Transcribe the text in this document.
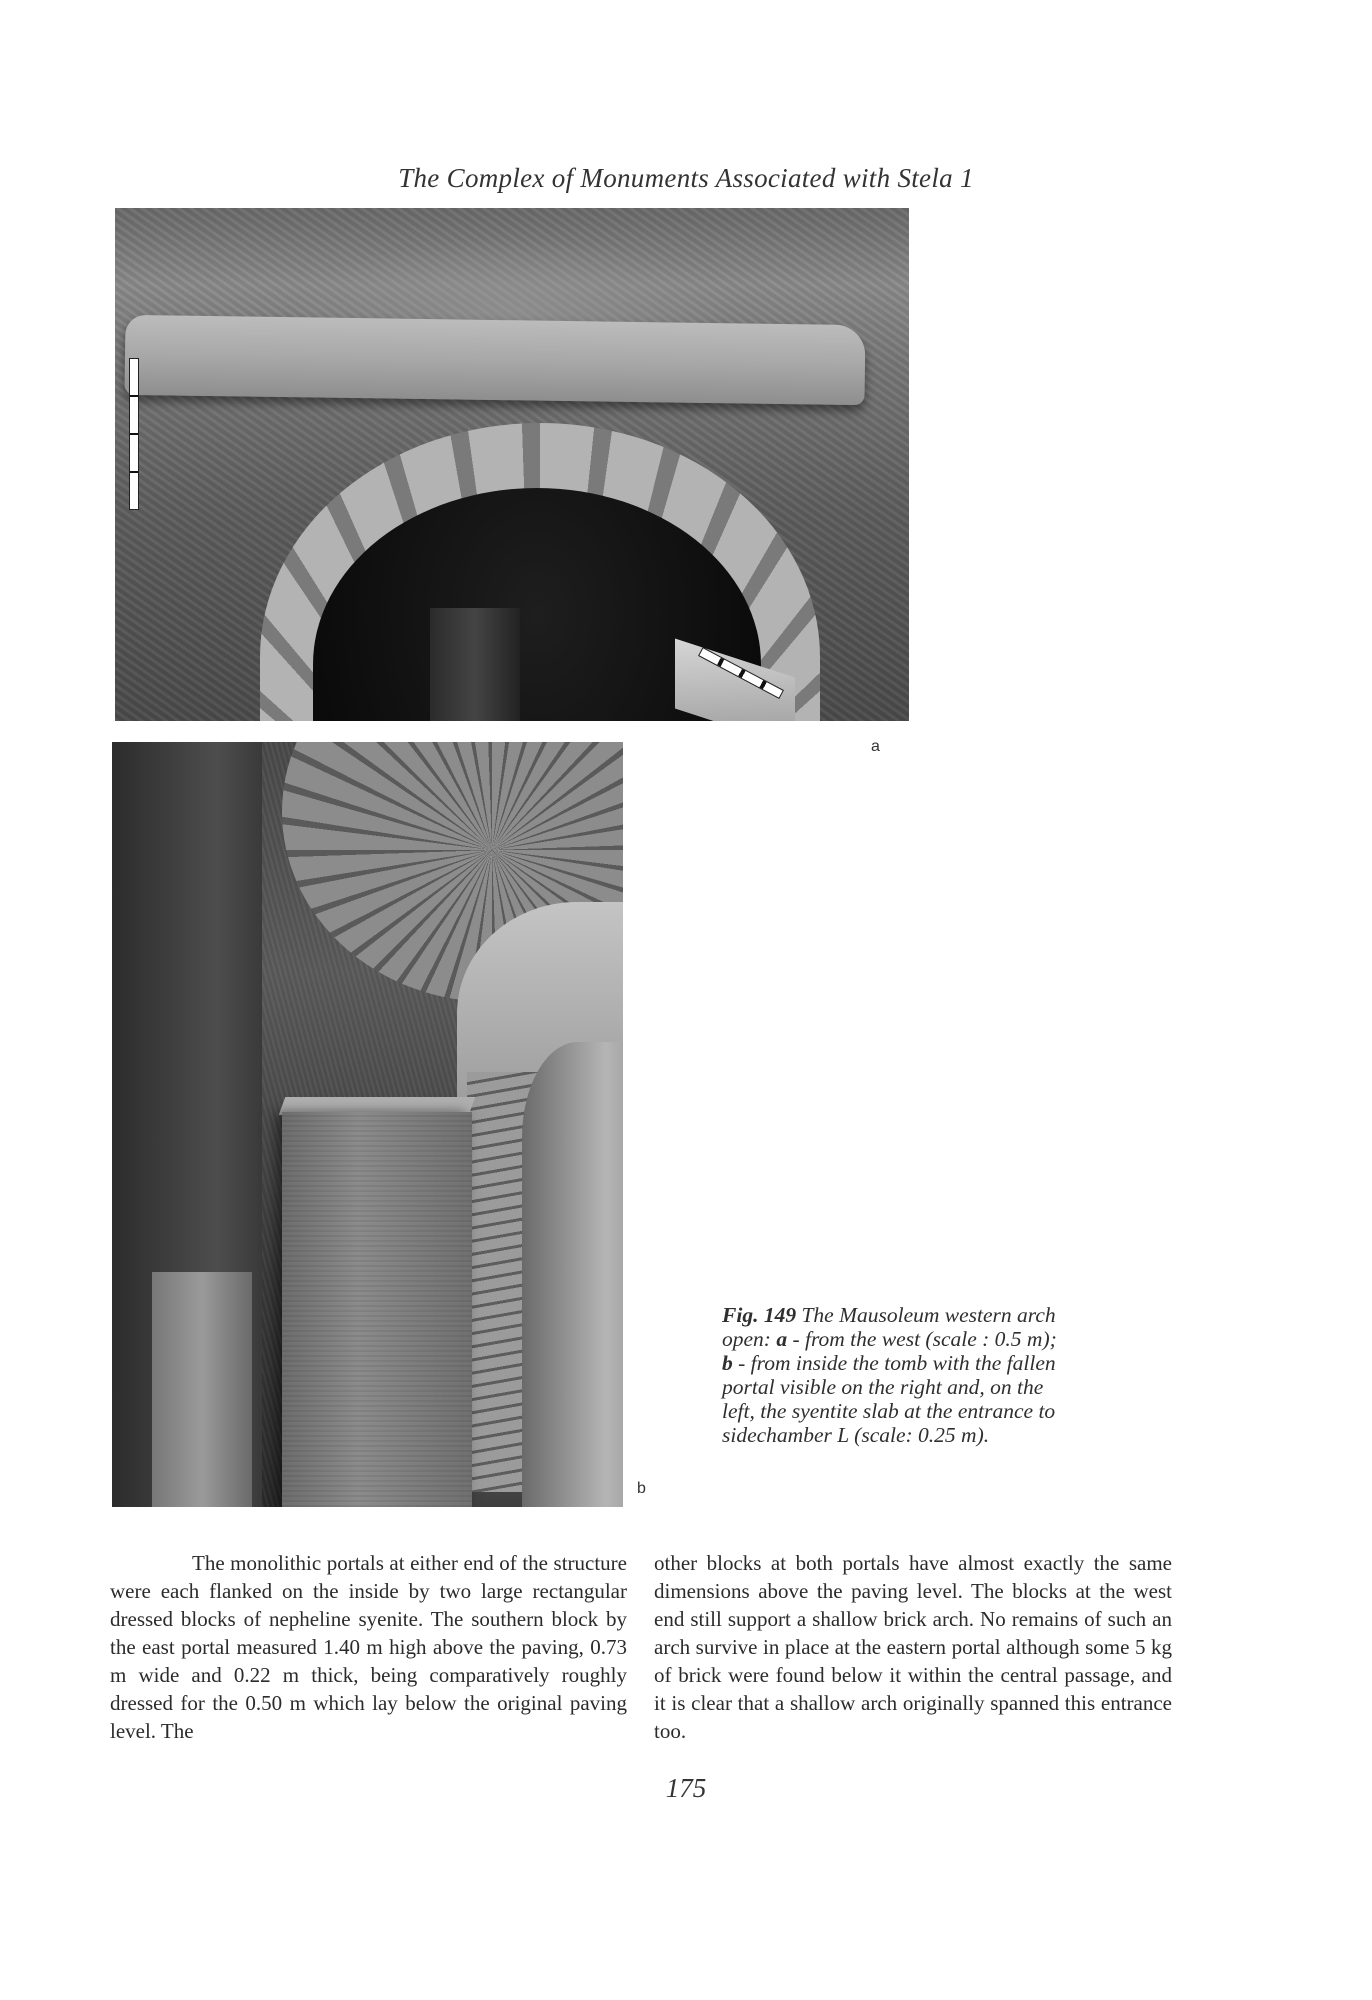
The Complex of Monuments Associated with Stela 1
a
b
Fig. 149 The Mausoleum western arch open: a - from the west (scale : 0.5 m); b - from inside the tomb with the fallen portal visible on the right and, on the left, the syentite slab at the entrance to sidechamber L (scale: 0.25 m).
The monolithic portals at either end of the structure were each flanked on the inside by two large rectangular dressed blocks of nepheline syenite. The southern block by the east portal measured 1.40 m high above the paving, 0.73 m wide and 0.22 m thick, being comparatively roughly dressed for the 0.50 m which lay below the original paving level. The
other blocks at both portals have almost exactly the same dimensions above the paving level. The blocks at the west end still support a shallow brick arch. No remains of such an arch survive in place at the eastern portal although some 5 kg of brick were found below it within the central passage, and it is clear that a shallow arch originally spanned this entrance too.
175
